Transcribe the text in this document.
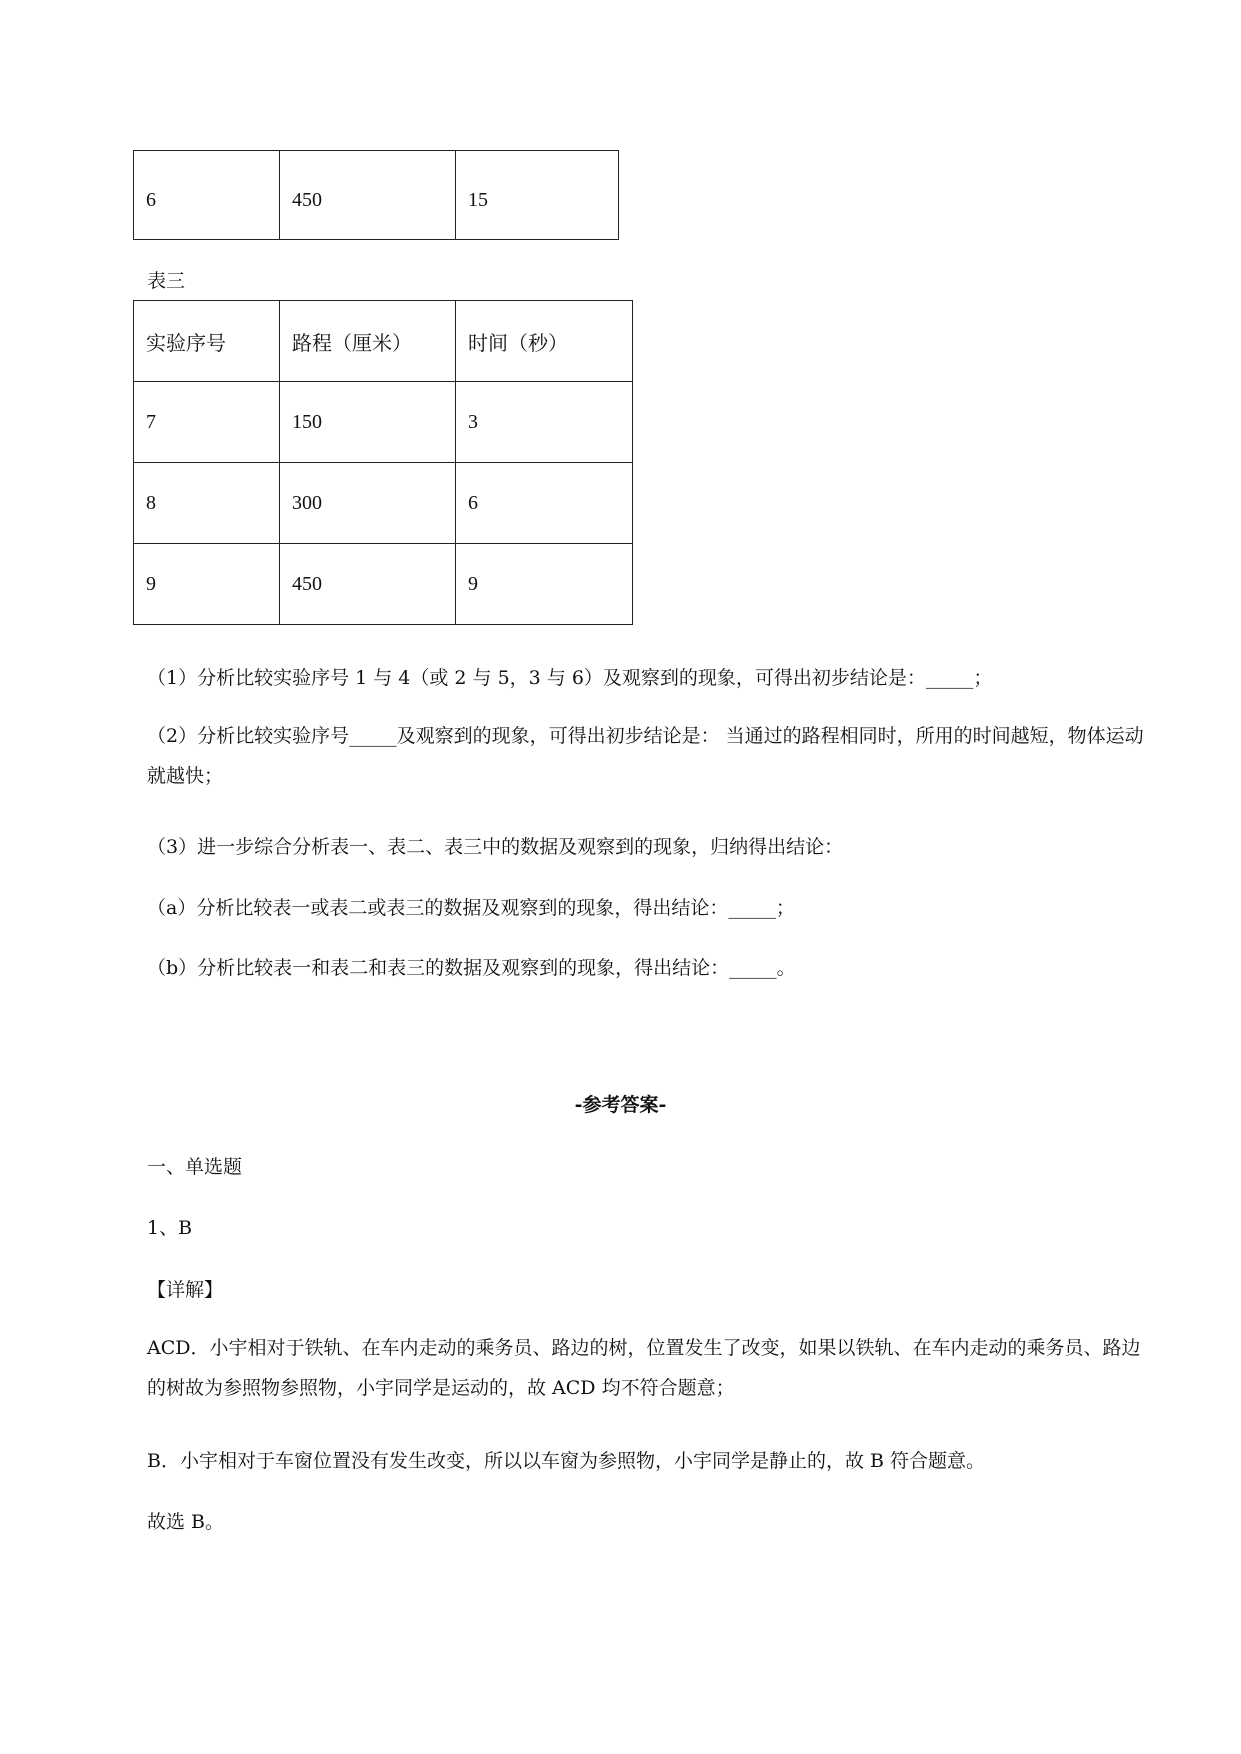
6	450	15
表三
实验序号	路程（厘米）	时间（秒）
7	150	3
8	300	6
9	450	9
（1）分析比较实验序号 1 与 4（或 2 与 5，3 与 6）及观察到的现象，可得出初步结论是：_____；
（2）分析比较实验序号_____及观察到的现象，可得出初步结论是： 当通过的路程相同时，所用的时间越短，物体运动就越快；
（3）进一步综合分析表一、表二、表三中的数据及观察到的现象，归纳得出结论：
（a）分析比较表一或表二或表三的数据及观察到的现象，得出结论：_____；
（b）分析比较表一和表二和表三的数据及观察到的现象，得出结论：_____。
-参考答案-
一、单选题
1、B
【详解】
ACD．小宇相对于铁轨、在车内走动的乘务员、路边的树，位置发生了改变，如果以铁轨、在车内走动的乘务员、路边的树故为参照物参照物，小宇同学是运动的，故 ACD 均不符合题意；
B．小宇相对于车窗位置没有发生改变，所以以车窗为参照物，小宇同学是静止的，故 B 符合题意。
故选 B。
